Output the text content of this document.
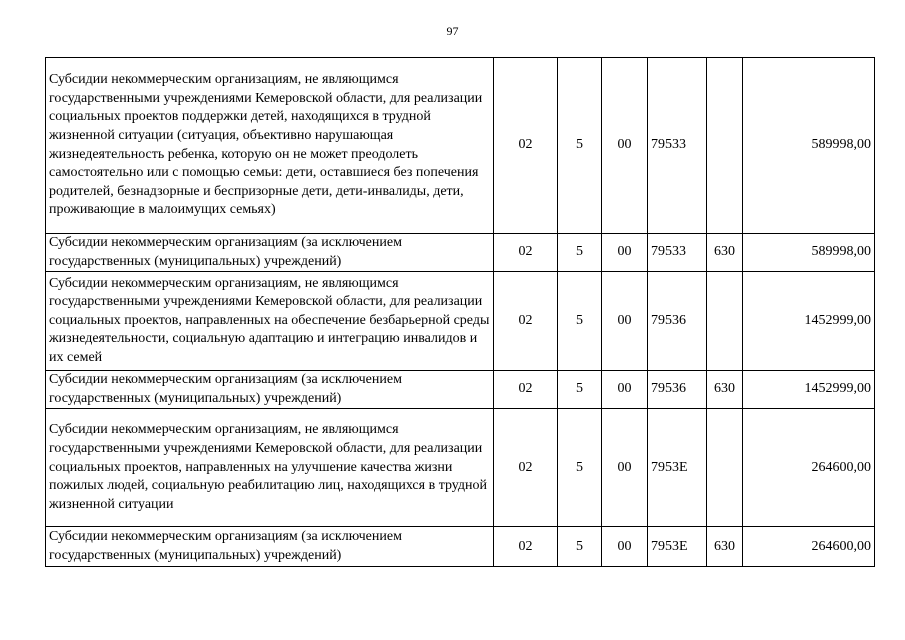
97
Субсидии некоммерческим организациям, не являющимся государственными учреждениями Кемеровской области, для реализации социальных проектов поддержки детей, находящихся в трудной жизненной ситуации (ситуация, объективно нарушающая жизнедеятельность ребенка, которую он не может преодолеть самостоятельно или с помощью семьи: дети, оставшиеся без попечения родителей, безнадзорные и беспризорные дети, дети-инвалиды, дети, проживающие в малоимущих семьях)	02	5	00	79533		589998,00
Субсидии некоммерческим организациям (за исключением государственных (муниципальных) учреждений)	02	5	00	79533	630	589998,00
Субсидии некоммерческим организациям, не являющимся государственными учреждениями Кемеровской области, для реализации социальных проектов, направленных на обеспечение безбарьерной среды жизнедеятельности, социальную адаптацию и интеграцию инвалидов и их семей	02	5	00	79536		1452999,00
Субсидии некоммерческим организациям (за исключением государственных (муниципальных) учреждений)	02	5	00	79536	630	1452999,00
Субсидии некоммерческим организациям, не являющимся государственными учреждениями Кемеровской области, для реализации социальных проектов, направленных на улучшение качества жизни пожилых людей, социальную реабилитацию лиц, находящихся в трудной жизненной ситуации	02	5	00	7953E		264600,00
Субсидии некоммерческим организациям (за исключением государственных (муниципальных) учреждений)	02	5	00	7953E	630	264600,00
